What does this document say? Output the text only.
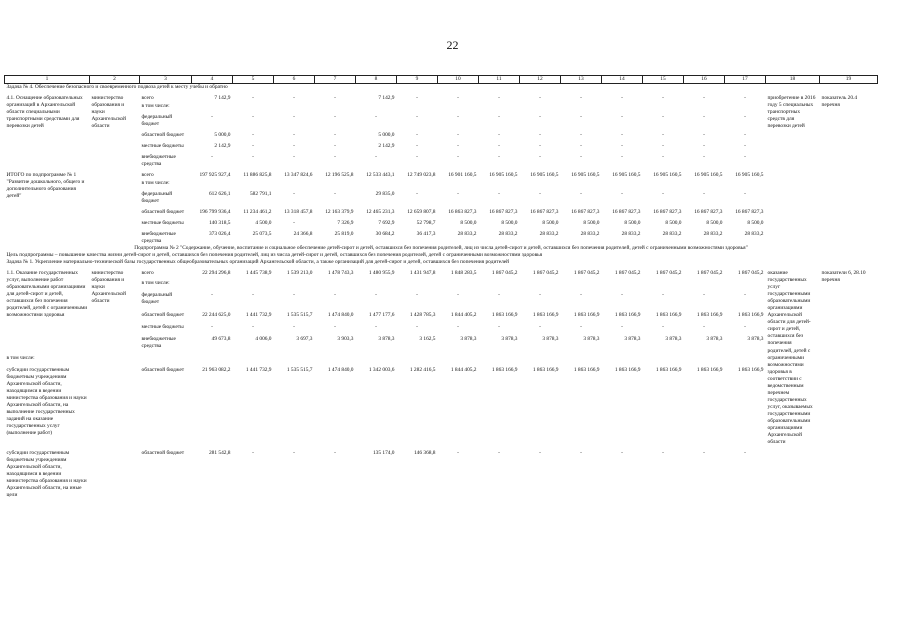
22
1	2	3	4	5	6	7	8	9	10	11	12	13	14	15	16	17	18	19
Задача № 4. Обеспечение безопасного и своевременного подвоза детей к месту учебы и обратно																		
4.1. Оснащение образовательных организаций в Архангельской области специальными транспортными средствами для перевозки детей	министерство образования и науки Архангельской области	всего	7 142,9	-	-	-	7 142,9	-	-	-	-	-	-	-	-	-	приобретение в 2016 году 5 специальных транспортных средств для перевозки детей	показатель 20.4 перечня
		в том числе:																
		федеральный бюджет	-	-	-	-	-	-	-	-	-	-	-	-	-	-		
		областной бюджет	5 000,0	-	-	-	5 000,0	-	-	-	-	-	-	-	-	-		
		местные бюджеты	2 142,9	-	-	-	2 142,9	-	-	-	-	-	-	-	-	-		
		внебюджетные средства	-	-	-	-	-	-	-	-	-	-	-	-	-	-		
ИТОГО по подпрограмме № 1 "Развитие дошкольного, общего и дополнительного образования детей"		всего	197 925 927,4	11 886 825,8	13 347 824,6	12 196 525,8	12 533 443,1	12 749 023,8	16 901 160,5	16 905 160,5	16 905 160,5	16 905 160,5	16 905 160,5	16 905 160,5	16 905 160,5	16 905 160,5		
		в том числе:																
		федеральный бюджет	612 626,1	582 791,1	-	-	29 835,0	-	-	-	-	-	-	-	-	-		
		областной бюджет	196 799 936,4	11 234 461,2	13 318 457,8	12 163 379,9	12 465 231,3	12 659 807,8	16 863 827,3	16 867 827,3	16 867 827,3	16 867 827,3	16 867 827,3	16 867 827,3	16 867 827,3	16 867 827,3		
		местные бюджеты	140 318,5	4 500,0	-	7 326,9	7 692,9	52 798,7	8 500,0	8 500,0	8 500,0	8 500,0	8 500,0	8 500,0	8 500,0	8 500,0		
		внебюджетные средства	373 026,4	25 073,5	24 366,8	25 819,0	30 684,2	36 417,3	28 833,2	28 833,2	28 833,2	28 833,2	28 833,2	28 833,2	28 833,2	28 833,2		
Подпрограмма № 2 "Содержание, обучение, воспитание и социальное обеспечение детей-сирот и детей, оставшихся без попечения родителей, лиц из числа детей-сирот и детей, оставшихся без попечения родителей, детей с ограниченными возможностями здоровья"																		
Цель подпрограммы – повышение качества жизни детей-сирот и детей, оставшихся без попечения родителей, лиц из числа детей-сирот и детей, оставшихся без попечения родителей, детей с ограниченными возможностями здоровья																		
Задача № 1. Укрепление материально-технической базы государственных общеобразовательных организаций Архангельской области, а также организаций для детей-сирот и детей, оставшихся без попечения родителей																		
1.1. Оказание государственных услуг, выполнение работ образовательными организациями для детей-сирот и детей, оставшихся без попечения родителей, детей с ограниченными возможностями здоровья	министерство образования и науки Архангельской области	всего	22 294 296,8	1 445 738,9	1 539 213,0	1 478 743,3	1 480 955,9	1 431 947,8	1 848 283,5	1 867 045,2	1 867 045,2	1 867 045,2	1 867 045,2	1 867 045,2	1 867 045,2	1 867 045,2	оказание государственных услуг государственными образовательными организациями Архангельской области для детей-сирот и детей, оставшихся без попечения родителей, детей с ограниченными возможностями здоровья в соответствии с ведомственным перечнем государственных услуг, оказываемых государственными образовательными организациями Архангельской области	показатели 6, 28.10 перечня
		в том числе:																
		федеральный бюджет	-	-	-	-	-	-	-	-	-	-	-	-	-	-		
		областной бюджет	22 244 625,0	1 441 732,9	1 535 515,7	1 474 840,0	1 477 177,6	1 428 785,3	1 844 405,2	1 863 166,9	1 863 166,9	1 863 166,9	1 863 166,9	1 863 166,9	1 863 166,9	1 863 166,9		
		местные бюджеты	-	-	-	-	-	-	-	-	-	-	-	-	-	-		
		внебюджетные средства	49 673,8	4 006,0	3 697,3	3 903,3	3 878,3	3 162,5	3 878,3	3 878,3	3 878,3	3 878,3	3 878,3	3 878,3	3 878,3	3 878,3		
в том числе:																		
субсидии государственным бюджетным учреждениям Архангельской области, находящимся в ведении министерства образования и науки Архангельской области, на выполнение государственных заданий на оказание государственных услуг (выполнение работ)		областной бюджет	21 963 082,2	1 441 732,9	1 535 515,7	1 474 840,0	1 342 003,6	1 282 416,5	1 844 405,2	1 863 166,9	1 863 166,9	1 863 166,9	1 863 166,9	1 863 166,9	1 863 166,9	1 863 166,9		
субсидии государственным бюджетным учреждениям Архангельской области, находящимся в ведении министерства образования и науки Архангельской области, на иные цели		областной бюджет	281 542,8	-	-	-	135 174,0	146 368,8	-	-	-	-	-	-	-	-		
